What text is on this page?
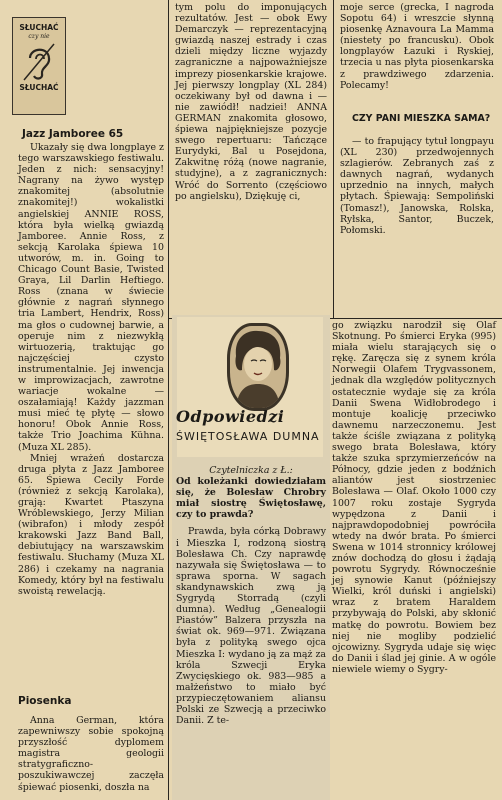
SŁUCHAĆ
czy nie
SŁUCHAĆ
Jazz Jamboree 65

Ukazały się dwa longplaye z tego warszawskiego festiwalu. Jeden z nich: sensacyjny! Nagrany na żywo występ znakomitej (absolutnie znakomitej!) wokalistki angielskiej ANNIE ROSS, która była wielką gwiazdą Jamboree. Annie Ross, z sekcją Karolaka śpiewa 10 utworów, m. in. Going to Chicago Count Basie, Twisted Graya, Lil Darlin Heftiego. Ross (znana w świecie głównie z nagrań słynnego tria Lambert, Hendrix, Ross) ma głos o cudownej barwie, a operuje nim z niezwykłą wirtuozerią, traktując go najczęściej czysto instrumentalnie. Jej inwencja w improwizacjach, zawrotne wariacje wokalne — oszałamiają! Każdy jazzman musi mieć tę płytę — słowo honoru! Obok Annie Ross, także Trio Joachima Kühna. (Muza XL 285).

Mniej wrażeń dostarcza druga płyta z Jazz Jamboree 65. Śpiewa Cecily Forde (również z sekcją Karolaka), grają: Kwartet Ptaszyna Wróblewskiego, Jerzy Milian (wibrafon) i młody zespół krakowski Jazz Band Ball, debiutujący na warszawskim festiwalu. Słuchamy (Muza XL 286) i czekamy na nagrania Komedy, który był na festiwalu swoistą rewelacją.

Piosenka

Anna German, która zapewniwszy sobie spokojną przyszłość dyplomem magistra geologii stratygraficzno-poszukiwawczej zaczęła śpiewać piosenki, doszła na

tym polu do imponujących rezultatów. Jest — obok Ewy Demarczyk — reprezentacyjną gwiazdą naszej estrady i czas dzieli między liczne wyjazdy zagraniczne a najpoważniejsze imprezy piosenkarskie krajowe. Jej pierwszy longplay (XL 284) oczekiwany był od dawna i — nie zawiódł! nadziei! ANNA GERMAN znakomita głosowo, śpiewa najpiękniejsze pozycje swego repertuaru: Tańczące Eurydyki, Bal u Posejdona, Zakwitnę różą (nowe nagranie, studyjne), a z zagranicznych: Wróć do Sorrento (częściowo po angielsku), Dziękuję ci,

moje serce (grecka, I nagroda Sopotu 64) i wreszcie słynną piosenkę Aznavoura La Mamma (niestety po francusku). Obok longplayów Łazuki i Ryskiej, trzecia u nas płyta piosenkarska z prawdziwego zdarzenia. Polecamy!

CZY PANI MIESZKA SAMA?

— to frapujący tytuł longpayu (XL 230) przedwojennych szlagierów. Zebranych zaś z dawnych nagrań, wydanych uprzednio na innych, małych płytach. Śpiewają: Sempoliński (Tomasz!), Janowska, Rolska, Ryłska, Santor, Buczek, Połomski.

Odpowiedzi
ŚWIĘTOSŁAWA DUMNA

Czytelniczka z Ł.:

Od koleżanki dowiedziałam się, że Bolesław Chrobry miał siostrę Świętosławę, czy to prawda?

Prawda, była córką Dobrawy i Mieszka I, rodzoną siostrą Bolesława Ch. Czy naprawdę nazywała się Świętosława — to sprawa sporna. W sagach skandynawskich zwą ją Sygrydą Storradą (czyli dumna). Według „Genealogii Piastów” Balzera przyszła na świat ok. 969—971. Związana była z polityką swego ojca Mieszka I: wydano ją za mąż za króla Szwecji Eryka Zwycięskiego ok. 983—985 a małżeństwo to miało być przypieczętowaniem aliansu Polski ze Szwecją a przeciwko Danii. Z te-

go związku narodził się Olaf Skotnung. Po śmierci Eryka (995) miała wielu starających się o rękę. Zaręcza się z synem króla Norwegii Olafem Trygvassonem, jednak dla względów politycznych ostatecznie wydaje się za króla Danii Swena Widłobrodego i montuje koalicję przeciwko dawnemu narzeczonemu. Jest także ściśle związana z polityką swego brata Bolesława, który także szuka sprzymierzeńców na Północy, gdzie jeden z bodźnich aliantów jest siostrzeniec Bolesława — Olaf. Około 1000 czy 1007 roku zostaje Sygryda wypędzona z Danii i najprawdopodobniej powróciła wtedy na dwór brata. Po śmierci Swena w 1014 stronnicy królowej znów dochodzą do głosu i żądają powrotu Sygrydy. Równocześnie jej synowie Kanut (późniejszy Wielki, król duński i angielski) wraz z bratem Haraldem przybywają do Polski, aby skłonić matkę do powrotu. Bowiem bez niej nie mogliby podzielić ojcowizny. Sygryda udaje się więc do Danii i ślad jej ginie. A w ogóle niewiele wiemy o Sygry-
